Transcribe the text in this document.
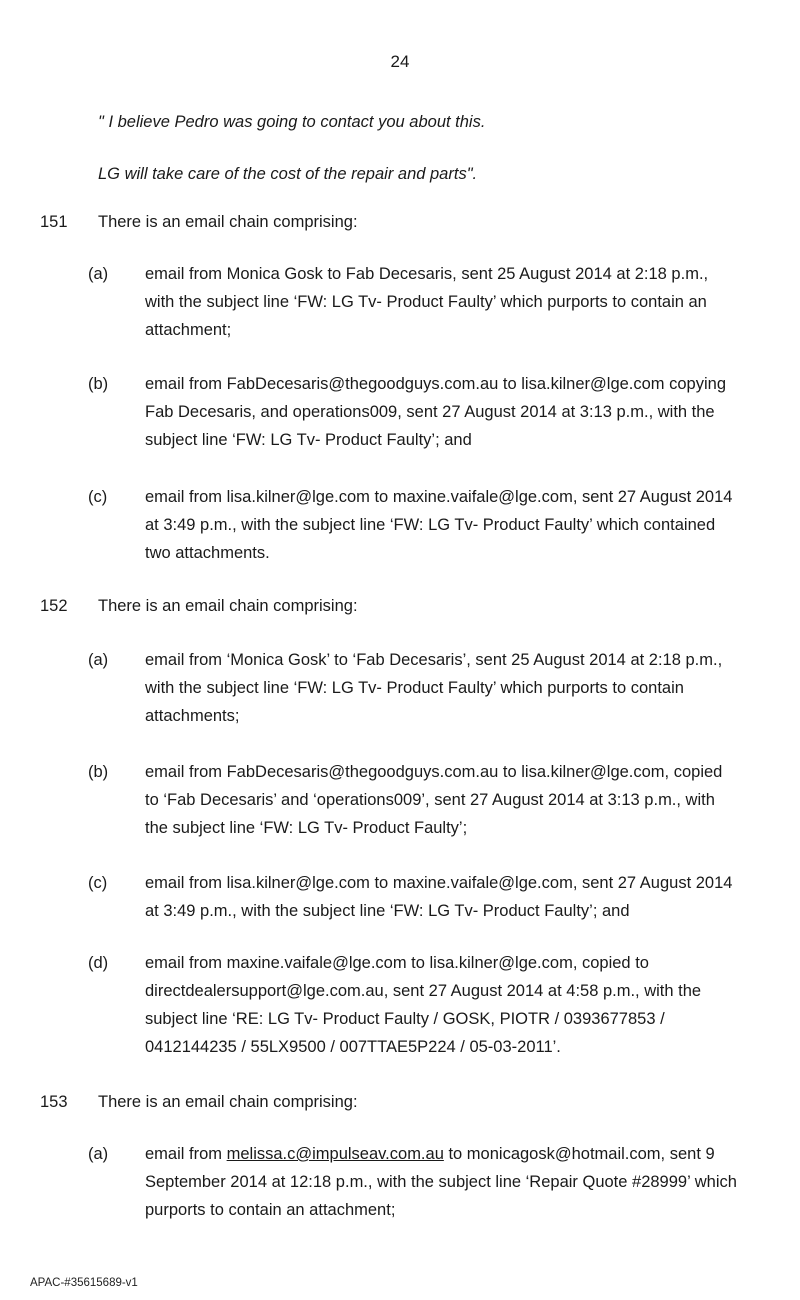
24
" I believe Pedro was going to contact you about this.
LG will take care of the cost of the repair and parts".
151 There is an email chain comprising:
(a) email from Monica Gosk to Fab Decesaris, sent 25 August 2014 at 2:18 p.m.,
with the subject line ‘FW: LG Tv- Product Faulty’ which purports to contain an
attachment;
(b) email from FabDecesaris@thegoodguys.com.au to lisa.kilner@lge.com copying
Fab Decesaris, and operations009, sent 27 August 2014 at 3:13 p.m., with the
subject line ‘FW: LG Tv- Product Faulty’; and
(c) email from lisa.kilner@lge.com to maxine.vaifale@lge.com, sent 27 August 2014
at 3:49 p.m., with the subject line ‘FW: LG Tv- Product Faulty’ which contained
two attachments.
152 There is an email chain comprising:
(a) email from ‘Monica Gosk’ to ‘Fab Decesaris’, sent 25 August 2014 at 2:18 p.m.,
with the subject line ‘FW: LG Tv- Product Faulty’ which purports to contain
attachments;
(b) email from FabDecesaris@thegoodguys.com.au to lisa.kilner@lge.com, copied
to ‘Fab Decesaris’ and ‘operations009’, sent 27 August 2014 at 3:13 p.m., with
the subject line ‘FW: LG Tv- Product Faulty’;
(c) email from lisa.kilner@lge.com to maxine.vaifale@lge.com, sent 27 August 2014
at 3:49 p.m., with the subject line ‘FW: LG Tv- Product Faulty’; and
(d) email from maxine.vaifale@lge.com to lisa.kilner@lge.com, copied to
directdealersupport@lge.com.au, sent 27 August 2014 at 4:58 p.m., with the
subject line ‘RE: LG Tv- Product Faulty / GOSK, PIOTR / 0393677853 /
0412144235 / 55LX9500 / 007TTAE5P224 / 05-03-2011’.
153 There is an email chain comprising:
(a) email from melissa.c@impulseav.com.au to monicagosk@hotmail.com, sent 9
September 2014 at 12:18 p.m., with the subject line ‘Repair Quote #28999’ which
purports to contain an attachment;
APAC-#35615689-v1
